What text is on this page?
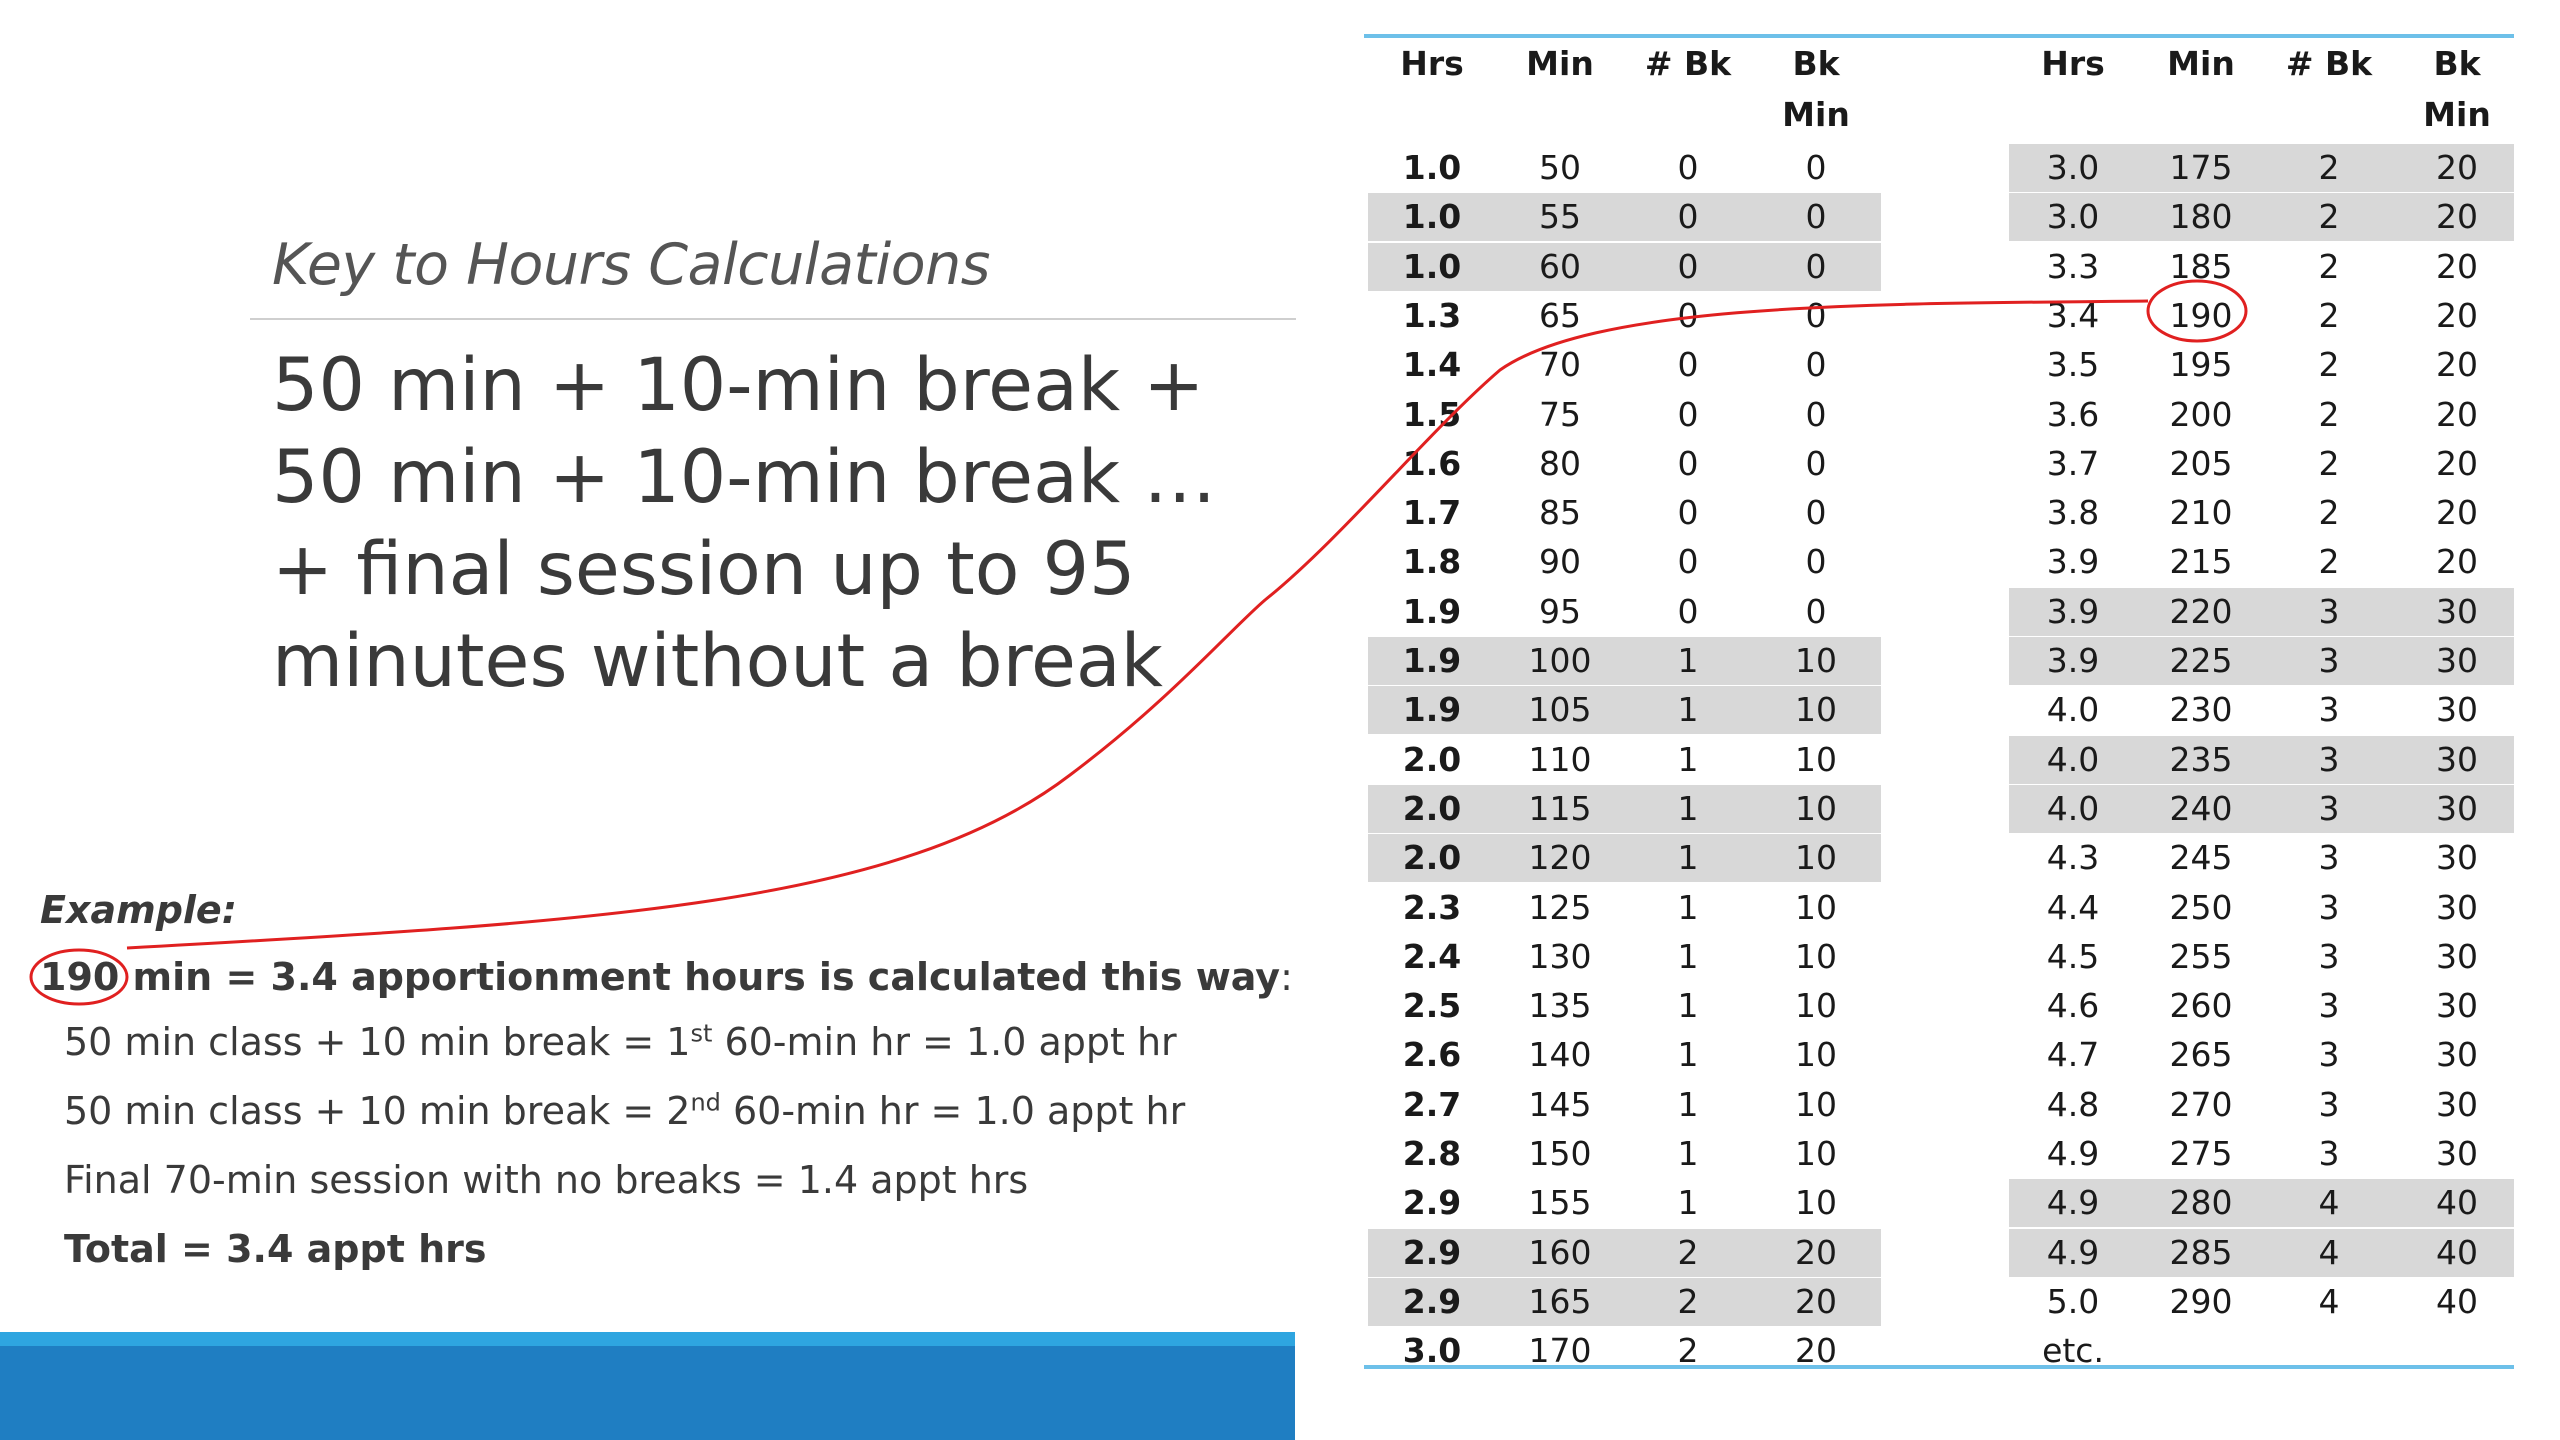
Key to Hours Calculations
50 min + 10-min break +
50 min + 10-min break …
+ final session up to 95
minutes without a break
Example:
190 min = 3.4 apportionment hours is calculated this way:
50 min class + 10 min break = 1st 60-min hr = 1.0 appt hr
50 min class + 10 min break = 2nd 60-min hr = 1.0 appt hr
Final 70-min session with no breaks = 1.4 appt hrs
Total = 3.4 appt hrs
Hrs	Min	# Bk	Bk
Min
Hrs	Min	# Bk	Bk
Min
1.0	50	0	0
1.0	55	0	0
1.0	60	0	0
1.3	65	0	0
1.4	70	0	0
1.5	75	0	0
1.6	80	0	0
1.7	85	0	0
1.8	90	0	0
1.9	95	0	0
1.9	100	1	10
1.9	105	1	10
2.0	110	1	10
2.0	115	1	10
2.0	120	1	10
2.3	125	1	10
2.4	130	1	10
2.5	135	1	10
2.6	140	1	10
2.7	145	1	10
2.8	150	1	10
2.9	155	1	10
2.9	160	2	20
2.9	165	2	20
3.0	170	2	20
3.0	175	2	20
3.0	180	2	20
3.3	185	2	20
3.4	190	2	20
3.5	195	2	20
3.6	200	2	20
3.7	205	2	20
3.8	210	2	20
3.9	215	2	20
3.9	220	3	30
3.9	225	3	30
4.0	230	3	30
4.0	235	3	30
4.0	240	3	30
4.3	245	3	30
4.4	250	3	30
4.5	255	3	30
4.6	260	3	30
4.7	265	3	30
4.8	270	3	30
4.9	275	3	30
4.9	280	4	40
4.9	285	4	40
5.0	290	4	40
etc.
